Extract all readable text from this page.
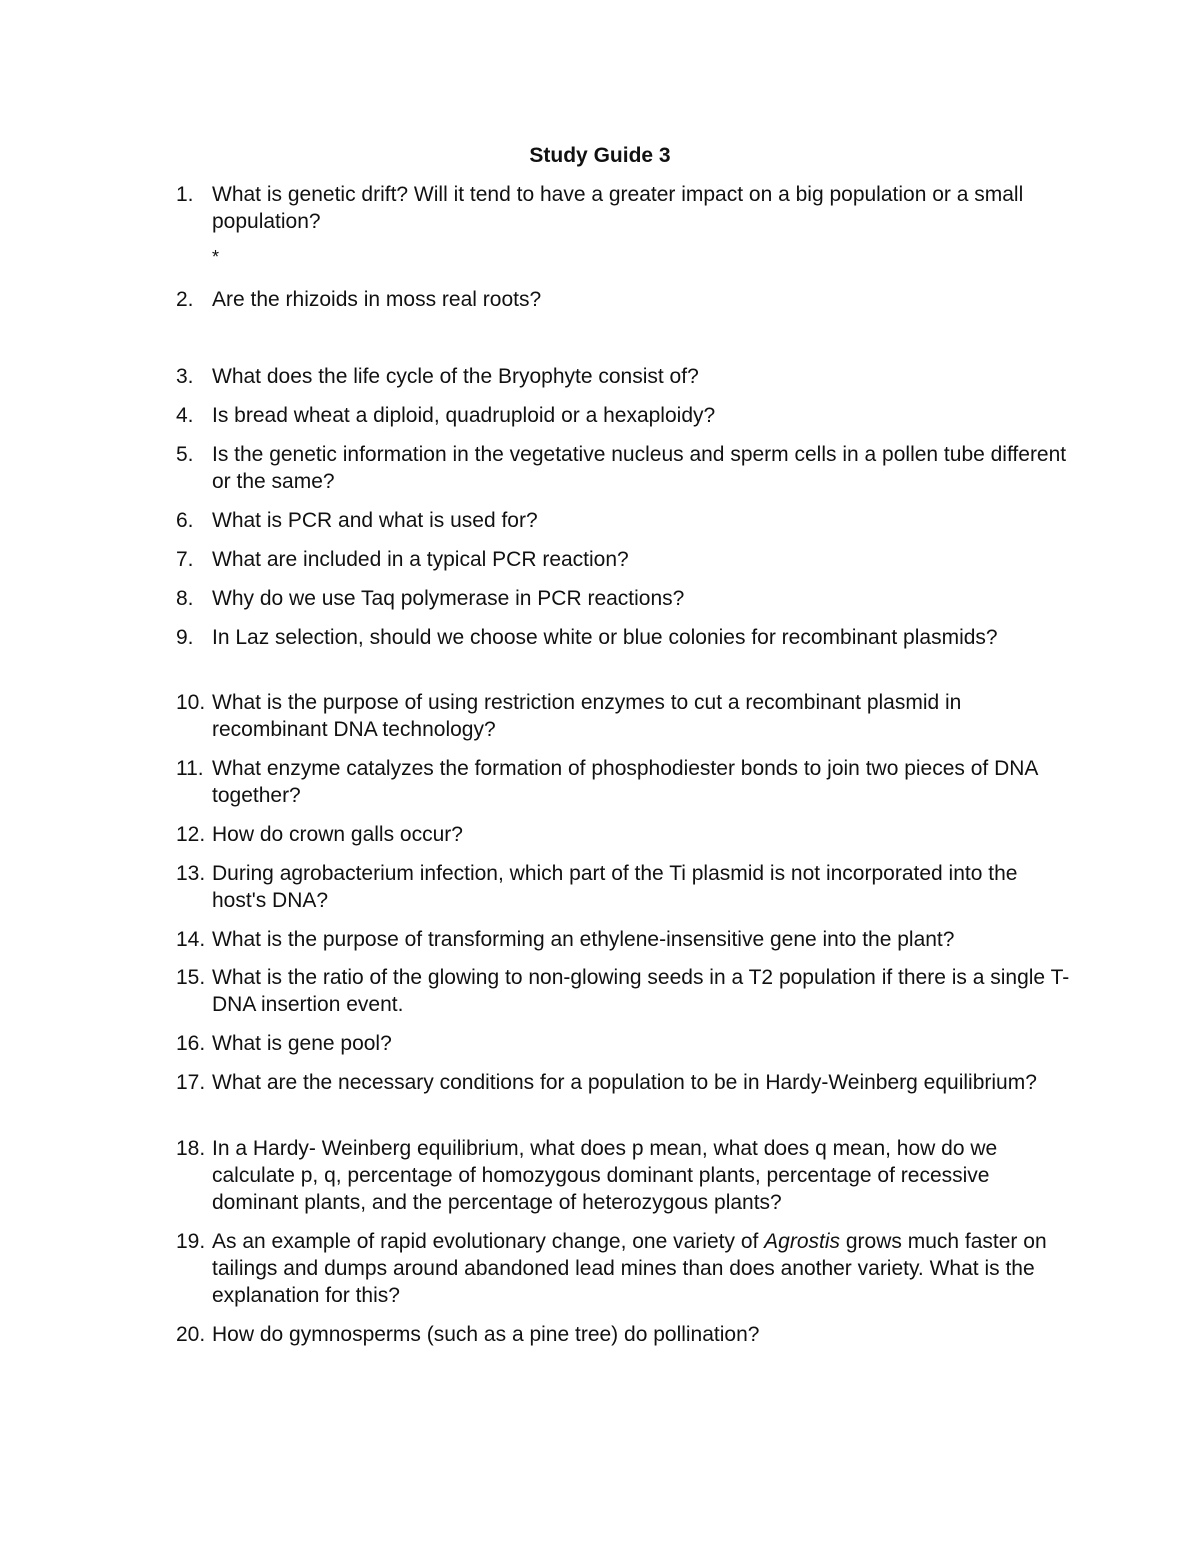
Study Guide 3
1. What is genetic drift? Will it tend to have a greater impact on a big population or a small population?
*
2. Are the rhizoids in moss real roots?
3. What does the life cycle of the Bryophyte consist of?
4. Is bread wheat a diploid, quadruploid or a hexaploidy?
5. Is the genetic information in the vegetative nucleus and sperm cells in a pollen tube different or the same?
6. What is PCR and what is used for?
7. What are included in a typical PCR reaction?
8. Why do we use Taq polymerase in PCR reactions?
9. In Laz selection, should we choose white or blue colonies for recombinant plasmids?
10. What is the purpose of using restriction enzymes to cut a recombinant plasmid in recombinant DNA technology?
11. What enzyme catalyzes the formation of phosphodiester bonds to join two pieces of DNA together?
12. How do crown galls occur?
13. During agrobacterium infection, which part of the Ti plasmid is not incorporated into the host's DNA?
14. What is the purpose of transforming an ethylene-insensitive gene into the plant?
15. What is the ratio of the glowing to non-glowing seeds in a T2 population if there is a single T-DNA insertion event.
16. What is gene pool?
17. What are the necessary conditions for a population to be in Hardy-Weinberg equilibrium?
18. In a Hardy- Weinberg equilibrium, what does p mean, what does q mean, how do we calculate p, q, percentage of homozygous dominant plants, percentage of recessive dominant plants, and the percentage of heterozygous plants?
19. As an example of rapid evolutionary change, one variety of Agrostis grows much faster on tailings and dumps around abandoned lead mines than does another variety. What is the explanation for this?
20. How do gymnosperms (such as a pine tree) do pollination?
